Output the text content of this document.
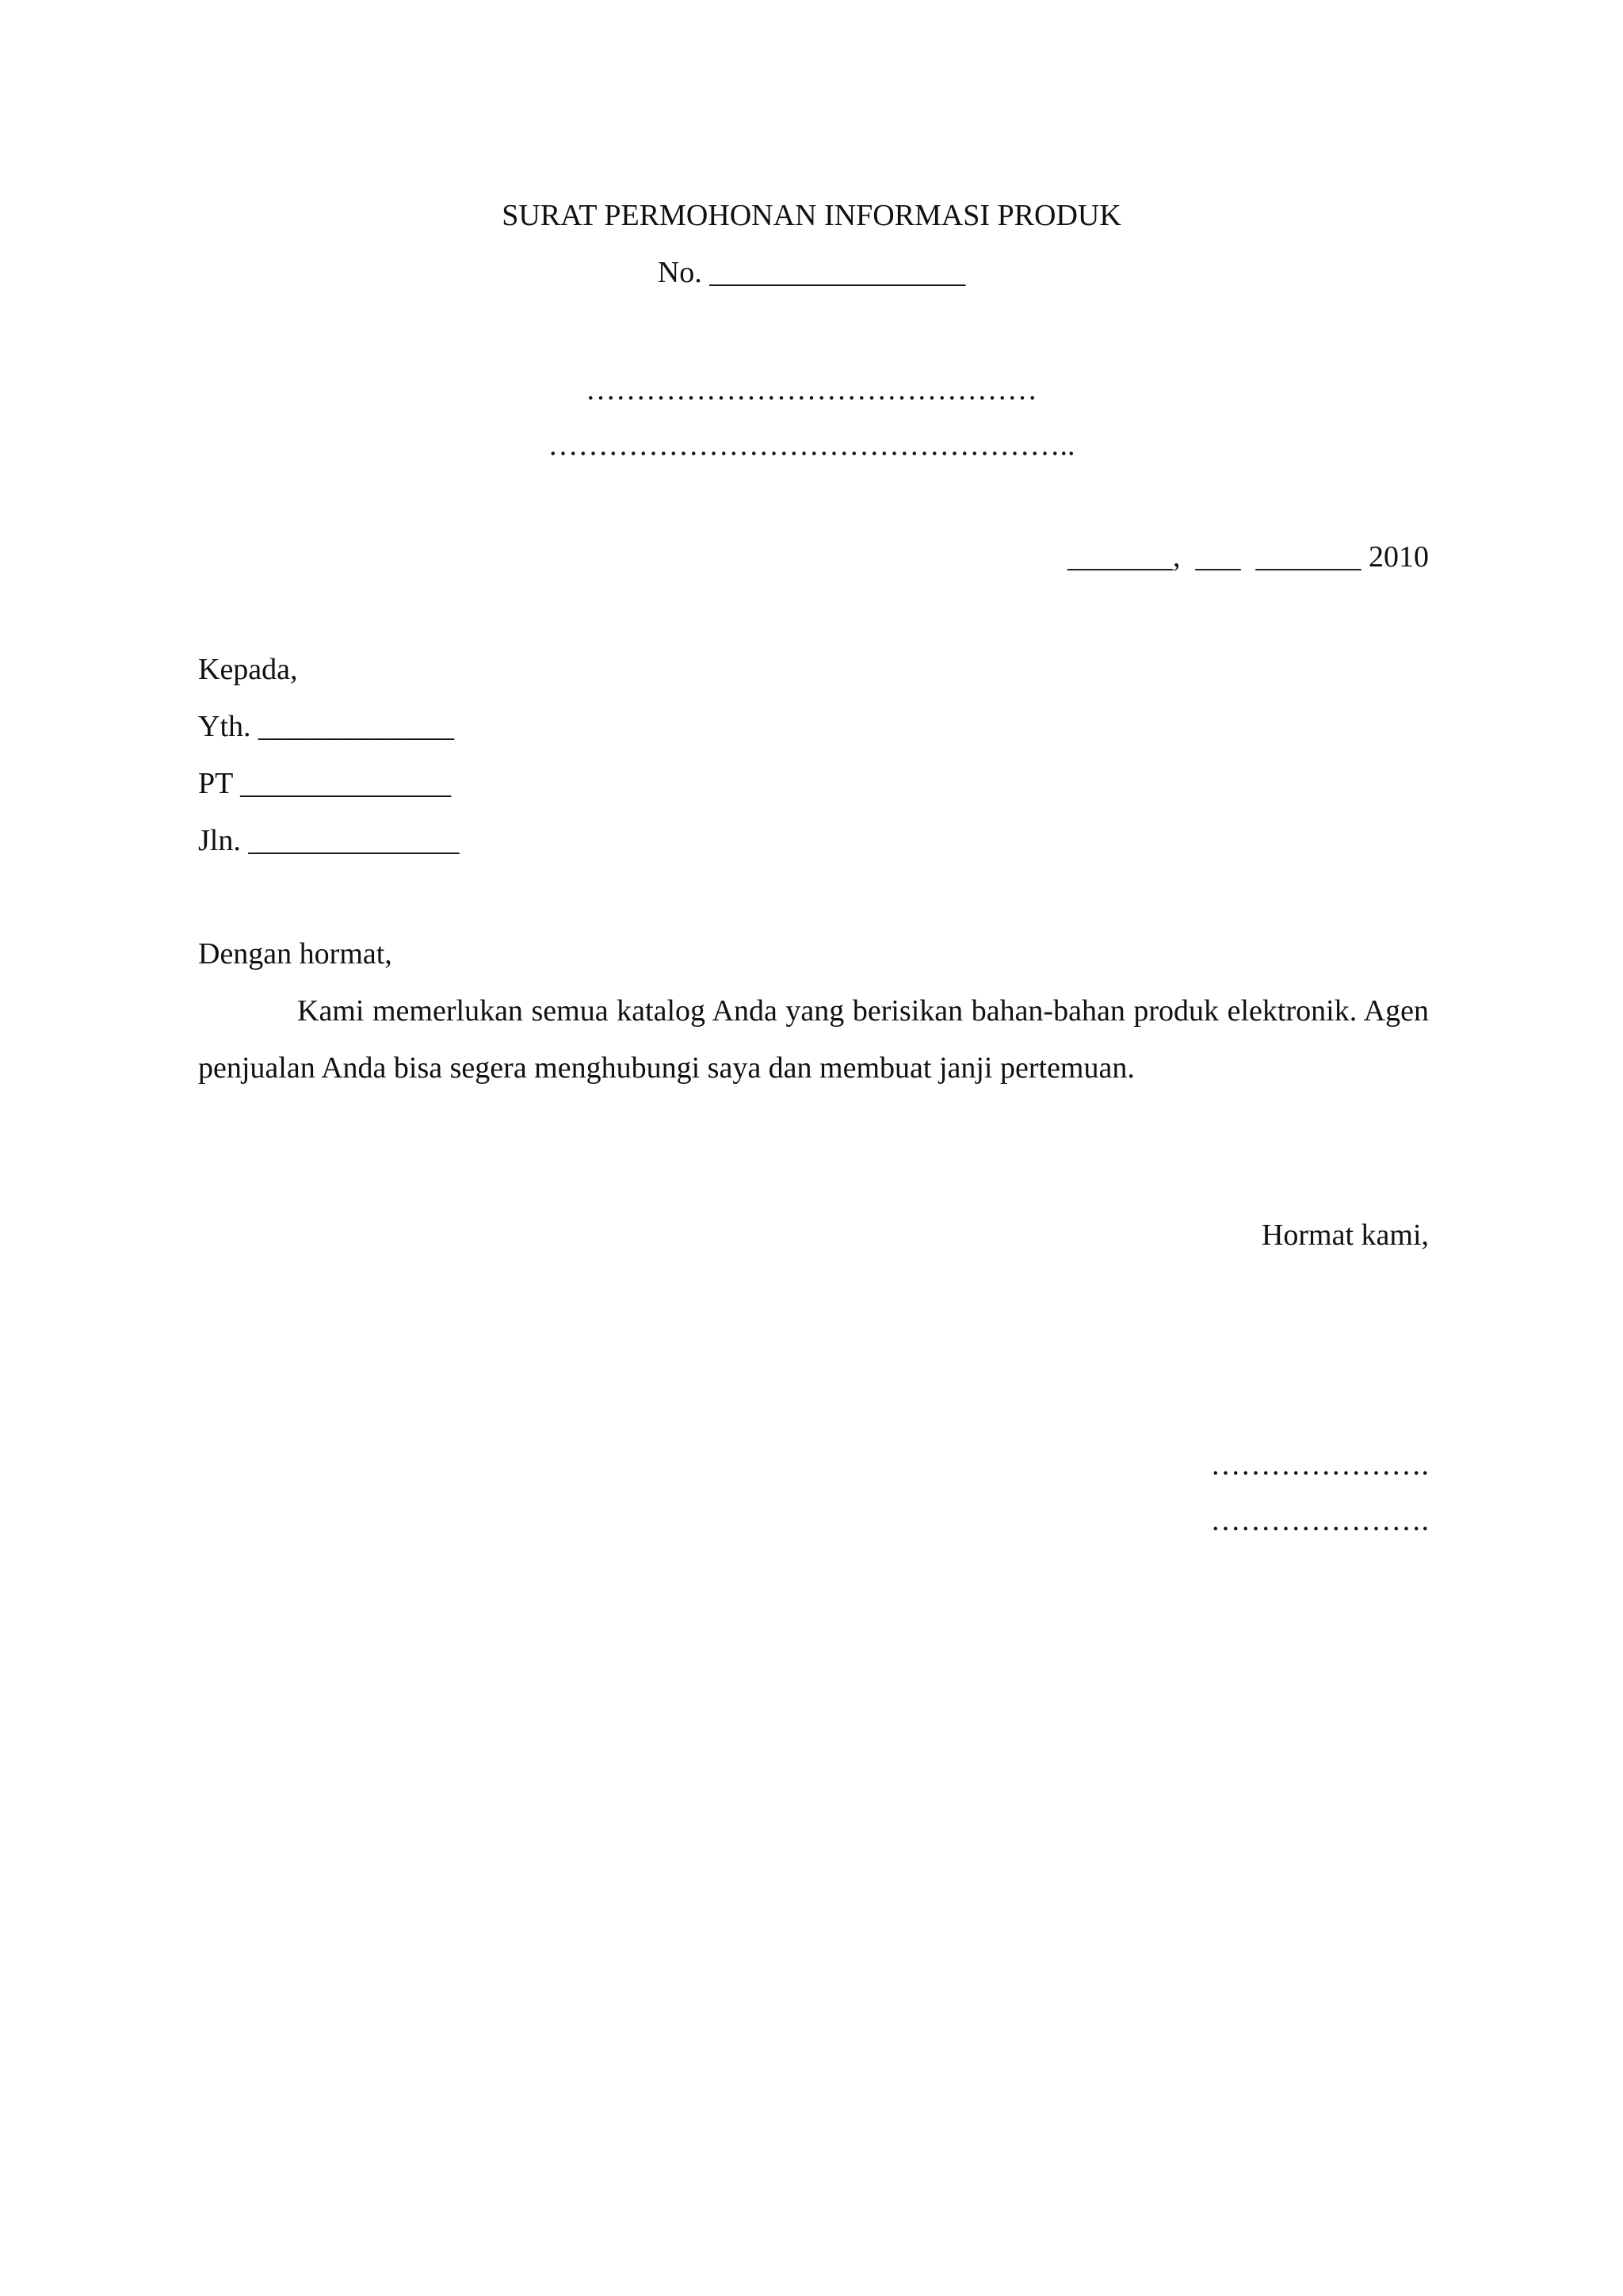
SURAT PERMOHONAN INFORMASI PRODUK
No. _________________
………………………………………
……………………………………………..
_______,  ___  _______ 2010
Kepada,
Yth. _____________
PT ______________
Jln. ______________
Dengan hormat,
Kami memerlukan semua katalog Anda yang berisikan bahan-bahan produk elektronik. Agen penjualan Anda bisa segera menghubungi saya dan membuat janji pertemuan.
Hormat kami,
………………….
………………….
